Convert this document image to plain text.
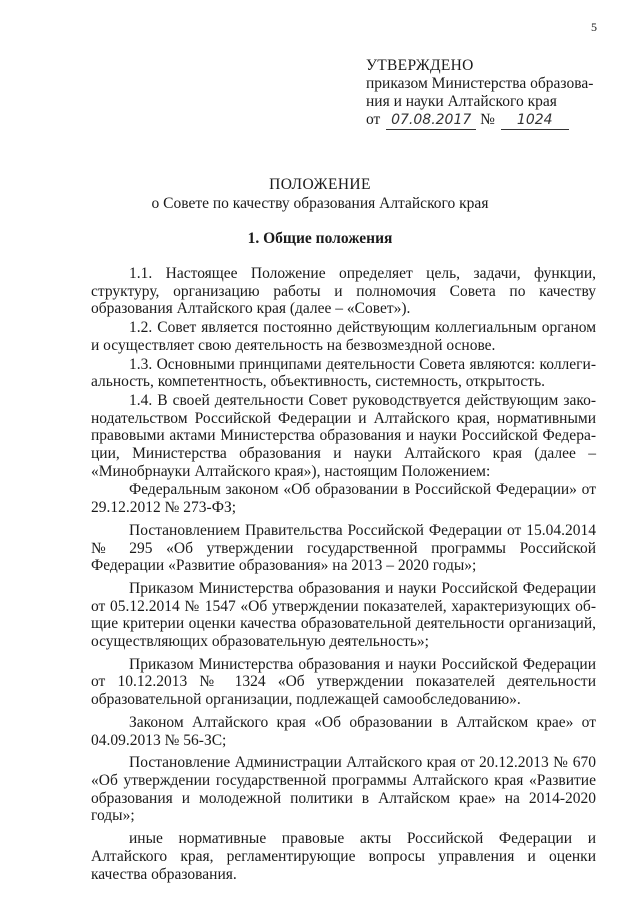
5
УТВЕРЖДЕНО
приказом Министерства образова-
ния и науки Алтайского края
от 07.08.2017 № 1024
ПОЛОЖЕНИЕ
о Совете по качеству образования Алтайского края
1. Общие положения

1.1. Настоящее Положение определяет цель, задачи, функции, структуру, организацию работы и полномочия Совета по качеству образования Алтайского края (далее – «Совет»).

1.2. Совет является постоянно действующим коллегиальным органом и осуществляет свою деятельность на безвозмездной основе.

1.3. Основными принципами деятельности Совета являются: коллегиальность, компетентность, объективность, системность, открытость.

1.4. В своей деятельности Совет руководствуется действующим законодательством Российской Федерации и Алтайского края, нормативными правовыми актами Министерства образования и науки Российской Федерации, Министерства образования и науки Алтайского края (далее – «Минобрнауки Алтайского края»), настоящим Положением:

Федеральным законом «Об образовании в Российской Федерации» от 29.12.2012 № 273-ФЗ;

Постановлением Правительства Российской Федерации от 15.04.2014 № 295 «Об утверждении государственной программы Российской Федерации «Развитие образования» на 2013 – 2020 годы»;

Приказом Министерства образования и науки Российской Федерации от 05.12.2014 № 1547 «Об утверждении показателей, характеризующих общие критерии оценки качества образовательной деятельности организаций, осуществляющих образовательную деятельность»;

Приказом Министерства образования и науки Российской Федерации от 10.12.2013 № 1324 «Об утверждении показателей деятельности образовательной организации, подлежащей самообследованию».

Законом Алтайского края «Об образовании в Алтайском крае» от 04.09.2013 № 56-ЗС;

Постановление Администрации Алтайского края от 20.12.2013 № 670 «Об утверждении государственной программы Алтайского края «Развитие образования и молодежной политики в Алтайском крае» на 2014-2020 годы»;

иные нормативные правовые акты Российской Федерации и Алтайского края, регламентирующие вопросы управления и оценки качества образования.
